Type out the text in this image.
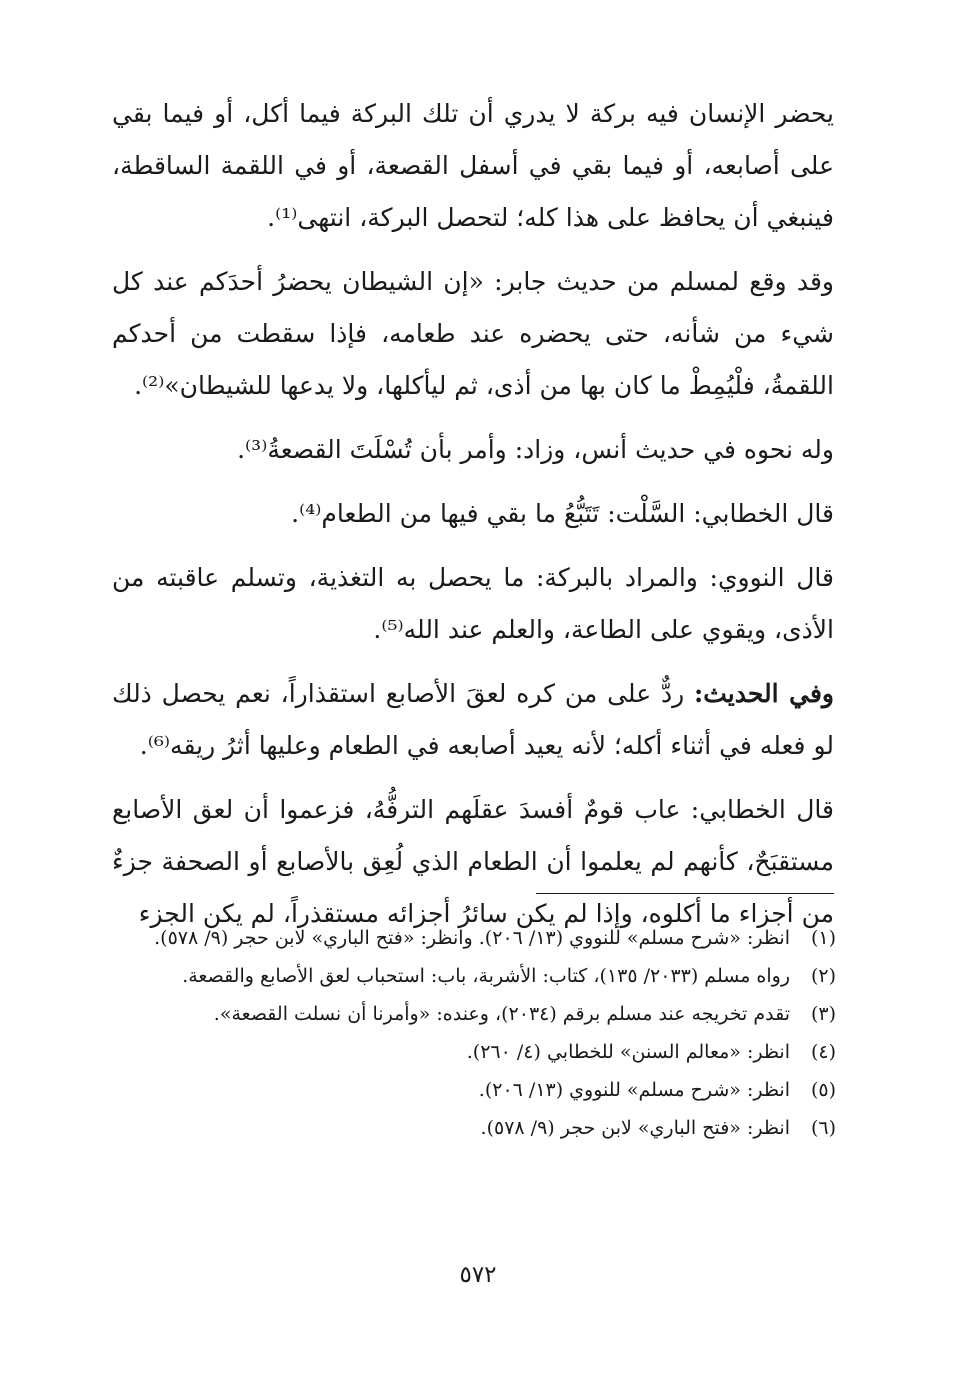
يحضر الإنسان فيه بركة لا يدري أن تلك البركة فيما أكل، أو فيما بقي على أصابعه، أو فيما بقي في أسفل القصعة، أو في اللقمة الساقطة، فينبغي أن يحافظ على هذا كله؛ لتحصل البركة، انتهى⁽¹⁾.

وقد وقع لمسلم من حديث جابر: «إن الشيطان يحضرُ أحدَكم عند كل شيء من شأنه، حتى يحضره عند طعامه، فإذا سقطت من أحدكم اللقمةُ، فلْيُمِطْ ما كان بها من أذى، ثم ليأكلها، ولا يدعها للشيطان»⁽²⁾.

وله نحوه في حديث أنس، وزاد: وأمر بأن تُسْلَتَ القصعةُ⁽³⁾.

قال الخطابي: السَّلْت: تَتَبُّعُ ما بقي فيها من الطعام⁽⁴⁾.

قال النووي: والمراد بالبركة: ما يحصل به التغذية، وتسلم عاقبته من الأذى، ويقوي على الطاعة، والعلم عند الله⁽⁵⁾.

وفي الحديث: ردٌّ على من كره لعقَ الأصابع استقذاراً، نعم يحصل ذلك لو فعله في أثناء أكله؛ لأنه يعيد أصابعه في الطعام وعليها أثرُ ريقه⁽⁶⁾.

قال الخطابي: عاب قومٌ أفسدَ عقلَهم الترفُّهُ، فزعموا أن لعق الأصابع مستقبَحٌ، كأنهم لم يعلموا أن الطعام الذي لُعِق بالأصابع أو الصحفة جزءٌ من أجزاء ما أكلوه، وإذا لم يكن سائرُ أجزائه مستقذراً، لم يكن الجزء

(١)
انظر: «شرح مسلم» للنووي (١٣/ ٢٠٦). وانظر: «فتح الباري» لابن حجر (٩/ ٥٧٨).
(٢)
رواه مسلم (٢٠٣٣/ ١٣٥)، كتاب: الأشربة، باب: استحباب لعق الأصابع والقصعة.
(٣)
تقدم تخريجه عند مسلم برقم (٢٠٣٤)، وعنده: «وأمرنا أن نسلت القصعة».
(٤)
انظر: «معالم السنن» للخطابي (٤/ ٢٦٠).
(٥)
انظر: «شرح مسلم» للنووي (١٣/ ٢٠٦).
(٦)
انظر: «فتح الباري» لابن حجر (٩/ ٥٧٨).
٥٧٢
